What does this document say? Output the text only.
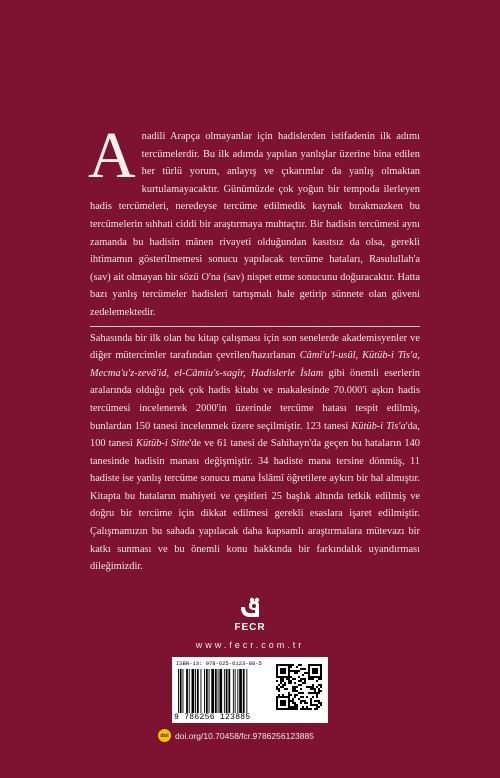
Anadili Arapça olmayanlar için hadislerden istifadenin ilk adımı tercümelerdir. Bu ilk adımda yapılan yanlışlar üzerine bina edilen her türlü yorum, anlayış ve çıkarımlar da yanlış olmaktan kurtulamayacaktır. Günümüzde çok yoğun bir tempoda ilerleyen hadis tercümeleri, neredeyse tercüme edilmedik kaynak bırakmazken bu tercümelerin sıhhati ciddi bir araştırmaya muhtaçtır. Bir hadisin tercümesi aynı zamanda bu hadisin mânen rivayeti olduğundan kasıtsız da olsa, gerekli ihtimamın gösterilmemesi sonucu yapılacak tercüme hataları, Rasulullah'a (sav) ait olmayan bir sözü O'na (sav) nispet etme sonucunu doğuracaktır. Hatta bazı yanlış tercümeler hadisleri tartışmalı hale getirip sünnete olan güveni zedelemektedir.

Sahasında bir ilk olan bu kitap çalışması için son senelerde akademisyenler ve diğer mütercimler tarafından çevrilen/hazırlanan Câmi'u'l-usûl, Kütüb-i Tis'a, Mecma'u'z-zevâ'id, el-Câmiu's-sagîr, Hadislerle İslam gibi önemli eserlerin aralarında olduğu pek çok hadis kitabı ve makalesinde 70.000'i aşkın hadis tercümesi incelenerek 2000'in üzerinde tercüme hatası tespit edilmiş, bunlardan 150 tanesi incelenmek üzere seçilmiştir. 123 tanesi Kütüb-i Tis'a'da, 100 tanesi Kütüb-i Sitte'de ve 61 tanesi de Sahihayn'da geçen bu hataların 140 tanesinde hadisin manası değişmiştir. 34 hadiste mana tersine dönmüş, 11 hadiste ise yanlış tercüme sonucu mana İslâmî öğretilere aykırı bir hal almıştır. Kitapta bu hataların mahiyeti ve çeşitleri 25 başlık altında tetkik edilmiş ve doğru bir tercüme için dikkat edilmesi gerekli esaslara işaret edilmiştir. Çalışmamızın bu sahada yapılacak daha kapsamlı araştırmalara mütevazı bir katkı sunması ve bu önemli konu hakkında bir farkındalık uyandırması dileğimizdir.

FECR
www.fecr.com.tr
ISBN-13: 978-625-6123-88-5
9 786256 123885
doi doi.org/10.70458/fcr.9786256123885
